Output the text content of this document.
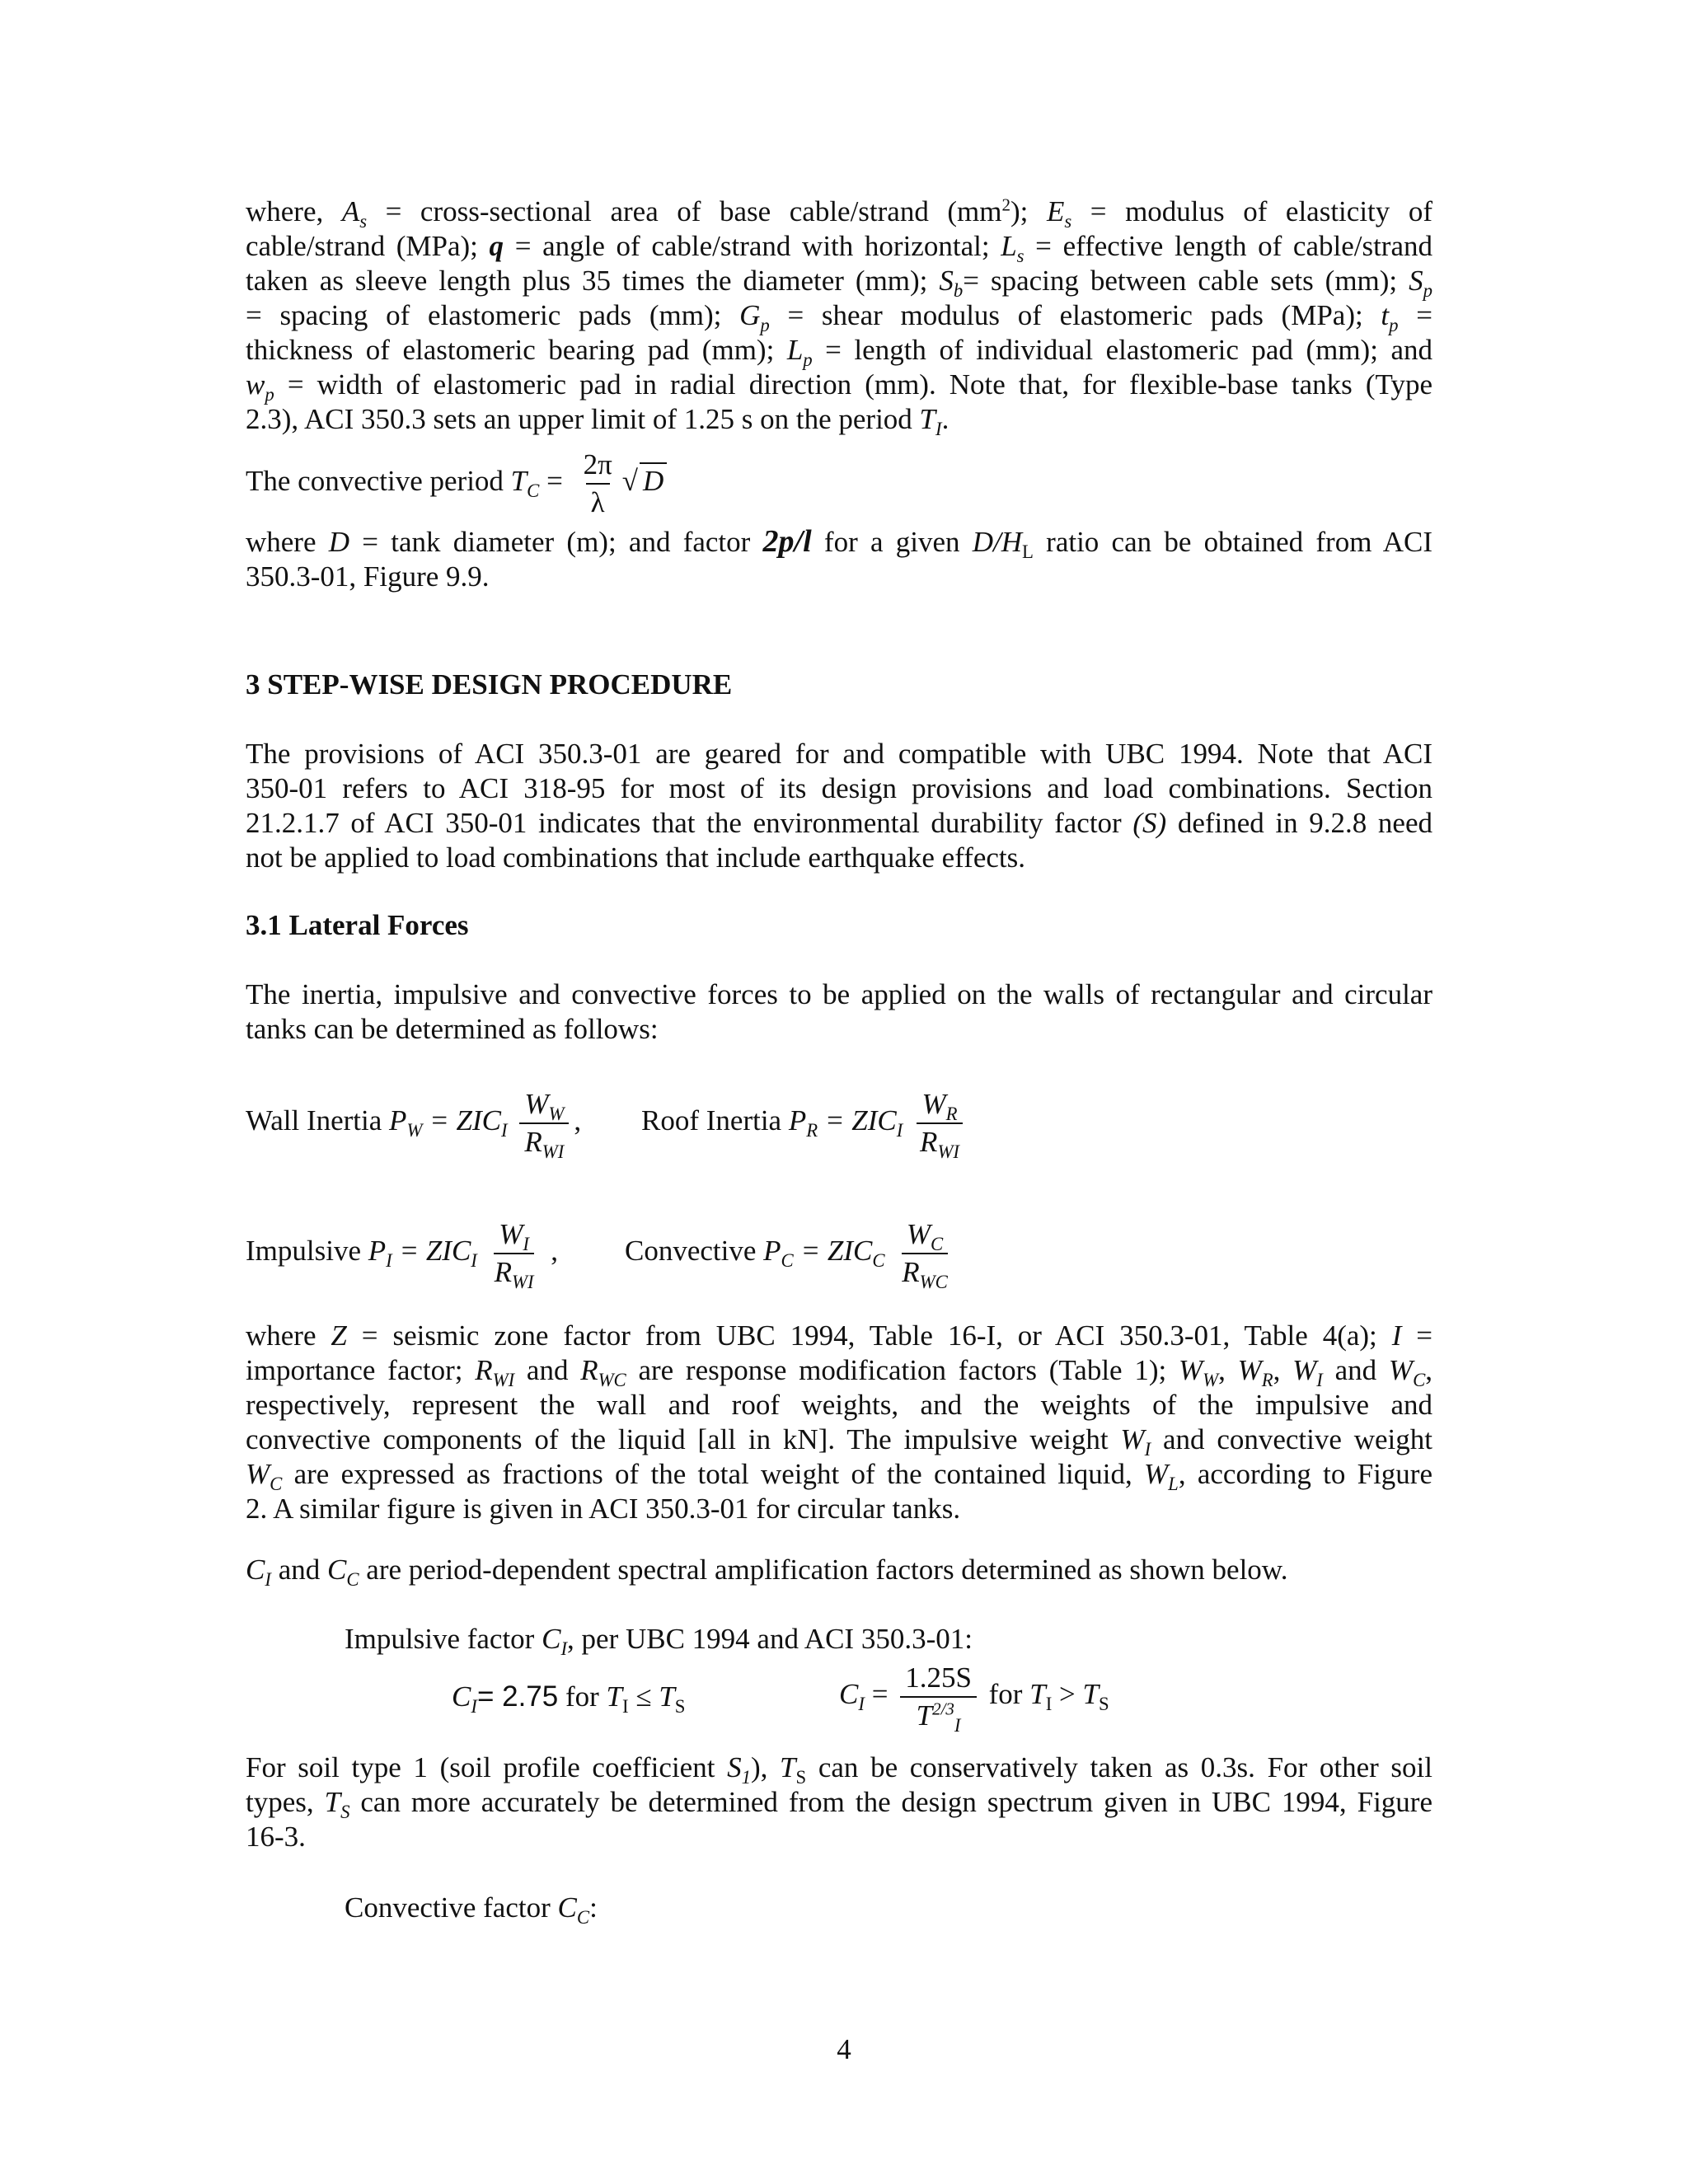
where, $A_s$ = cross-sectional area of base cable/strand $(mm^2)$; $E_s$ = modulus of elasticity of
cable/strand (MPa); q = angle of cable/strand with horizontal; $L_s$ = effective length of cable/strand
taken as sleeve length plus 35 times the diameter (mm); $S_b=$ spacing between cable sets (mm); $S_p$
= spacing of elastomeric pads (mm); $G_p$ = shear modulus of elastomeric pads (MPa); $t_p$ =
thickness of elastomeric bearing pad (mm); $L_p$ = length of individual elastomeric pad (mm); and
$w_p$ = width of elastomeric pad in radial direction (mm). Note that, for flexible-base tanks (Type
2.3), ACI 350.3 sets an upper limit of 1.25 s on the period $T_I$.
The convective period $T_C = \frac{2\pi}{\lambda}$ √ D
where D = tank diameter (m); and factor 2p/l for a given $D/H_L$ ratio can be obtained from ACI
350.3-01, Figure 9.9.
3 STEP-WISE DESIGN PROCEDURE
The provisions of ACI 350.3-01 are geared for and compatible with UBC 1994. Note that ACI
350-01 refers to ACI 318-95 for most of its design provisions and load combinations. Section
21.2.1.7 of ACI 350-01 indicates that the environmental durability factor (S) defined in 9.2.8 need
not be applied to load combinations that include earthquake effects.
3.1 Lateral Forces
The inertia, impulsive and convective forces to be applied on the walls of rectangular and circular
tanks can be determined as follows:
Wall Inertia $P_W = ZIC_I \frac{W_W}{R_{WI}}$ , Roof Inertia $P_R = ZIC_I \frac{W_R}{R_{WI}}$
Impulsive $P_I = ZIC_I \frac{W_I}{R_{WI}}$ , Convective $P_C = ZIC_C \frac{W_C}{R_{WC}}$
where Z = seismic zone factor from UBC 1994, Table 16-I, or ACI 350.3-01, Table 4(a); I =
importance factor; $R_{WI}$ and $R_{WC}$ are response modification factors (Table 1); $W_W$, $W_R$, $W_I$ and $W_C$,
respectively, represent the wall and roof weights, and the weights of the impulsive and
convective components of the liquid [all in kN]. The impulsive weight $W_I$ and convective weight
$W_C$ are expressed as fractions of the total weight of the contained liquid, $W_L$, according to Figure
2. A similar figure is given in ACI 350.3-01 for circular tanks.
$C_I$ and $C_C$ are period-dependent spectral amplification factors determined as shown below.
Impulsive factor $C_I$, per UBC 1994 and ACI 350.3-01:
$C_I= 2.75$ for $T_I \le T_S$	$C_I = \frac{1.25S}{T^{2/3}_I}$ for $T_I > T_S$
For soil type 1 (soil profile coefficient $S_1$), $T_S$ can be conservatively taken as 0.3s. For other soil
types, $T_S$ can more accurately be determined from the design spectrum given in UBC 1994, Figure
16-3.
Convective factor $C_C$:
4
